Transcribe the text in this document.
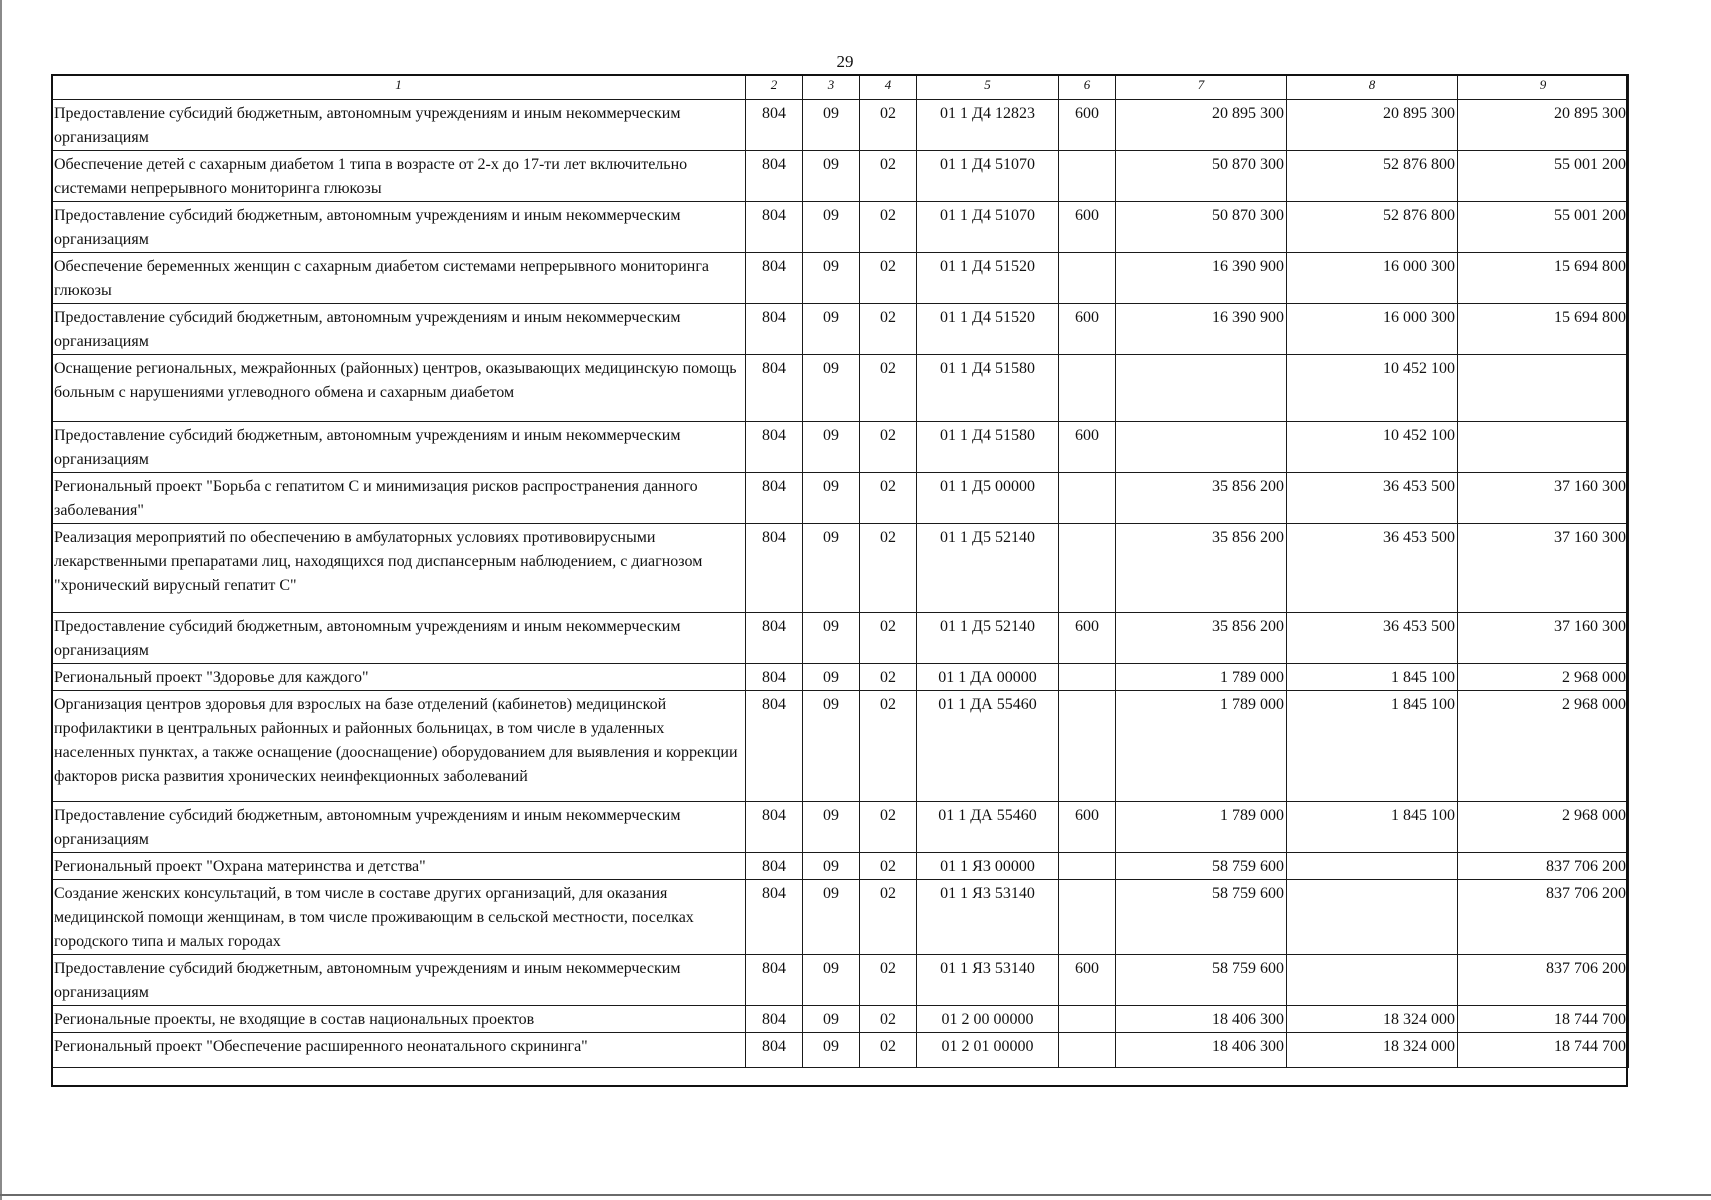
29
1	2	3	4	5	6	7	8	9
Предоставление субсидий бюджетным, автономным учреждениям и иным некоммерческим организациям	804	09	02	01 1 Д4 12823	600	20 895 300	20 895 300	20 895 300
Обеспечение детей с сахарным диабетом 1 типа в возрасте от 2-х до 17-ти лет включительно системами непрерывного мониторинга глюкозы	804	09	02	01 1 Д4 51070		50 870 300	52 876 800	55 001 200
Предоставление субсидий бюджетным, автономным учреждениям и иным некоммерческим организациям	804	09	02	01 1 Д4 51070	600	50 870 300	52 876 800	55 001 200
Обеспечение беременных женщин с сахарным диабетом системами непрерывного мониторинга глюкозы	804	09	02	01 1 Д4 51520		16 390 900	16 000 300	15 694 800
Предоставление субсидий бюджетным, автономным учреждениям и иным некоммерческим организациям	804	09	02	01 1 Д4 51520	600	16 390 900	16 000 300	15 694 800
Оснащение региональных, межрайонных (районных) центров, оказывающих медицинскую помощь больным с нарушениями углеводного обмена и сахарным диабетом	804	09	02	01 1 Д4 51580			10 452 100	
Предоставление субсидий бюджетным, автономным учреждениям и иным некоммерческим организациям	804	09	02	01 1 Д4 51580	600		10 452 100	
Региональный проект "Борьба с гепатитом С и минимизация рисков распространения данного заболевания"	804	09	02	01 1 Д5 00000		35 856 200	36 453 500	37 160 300
Реализация мероприятий по обеспечению в амбулаторных условиях противовирусными лекарственными препаратами лиц, находящихся под диспансерным наблюдением, с диагнозом "хронический вирусный гепатит С"	804	09	02	01 1 Д5 52140		35 856 200	36 453 500	37 160 300
Предоставление субсидий бюджетным, автономным учреждениям и иным некоммерческим организациям	804	09	02	01 1 Д5 52140	600	35 856 200	36 453 500	37 160 300
Региональный проект "Здоровье для каждого"	804	09	02	01 1 ДА 00000		1 789 000	1 845 100	2 968 000
Организация центров здоровья для взрослых на базе отделений (кабинетов) медицинской профилактики в центральных районных и районных больницах, в том числе в удаленных населенных пунктах, а также оснащение (дооснащение) оборудованием для выявления и коррекции факторов риска развития хронических неинфекционных заболеваний	804	09	02	01 1 ДА 55460		1 789 000	1 845 100	2 968 000
Предоставление субсидий бюджетным, автономным учреждениям и иным некоммерческим организациям	804	09	02	01 1 ДА 55460	600	1 789 000	1 845 100	2 968 000
Региональный проект "Охрана материнства и детства"	804	09	02	01 1 Я3 00000		58 759 600		837 706 200
Создание женских консультаций, в том числе в составе других организаций, для оказания медицинской помощи женщинам, в том числе проживающим в сельской местности, поселках городского типа и малых городах	804	09	02	01 1 Я3 53140		58 759 600		837 706 200
Предоставление субсидий бюджетным, автономным учреждениям и иным некоммерческим организациям	804	09	02	01 1 Я3 53140	600	58 759 600		837 706 200
Региональные проекты, не входящие в состав национальных проектов	804	09	02	01 2 00 00000		18 406 300	18 324 000	18 744 700
Региональный проект "Обеспечение расширенного неонатального скрининга"	804	09	02	01 2 01 00000		18 406 300	18 324 000	18 744 700
